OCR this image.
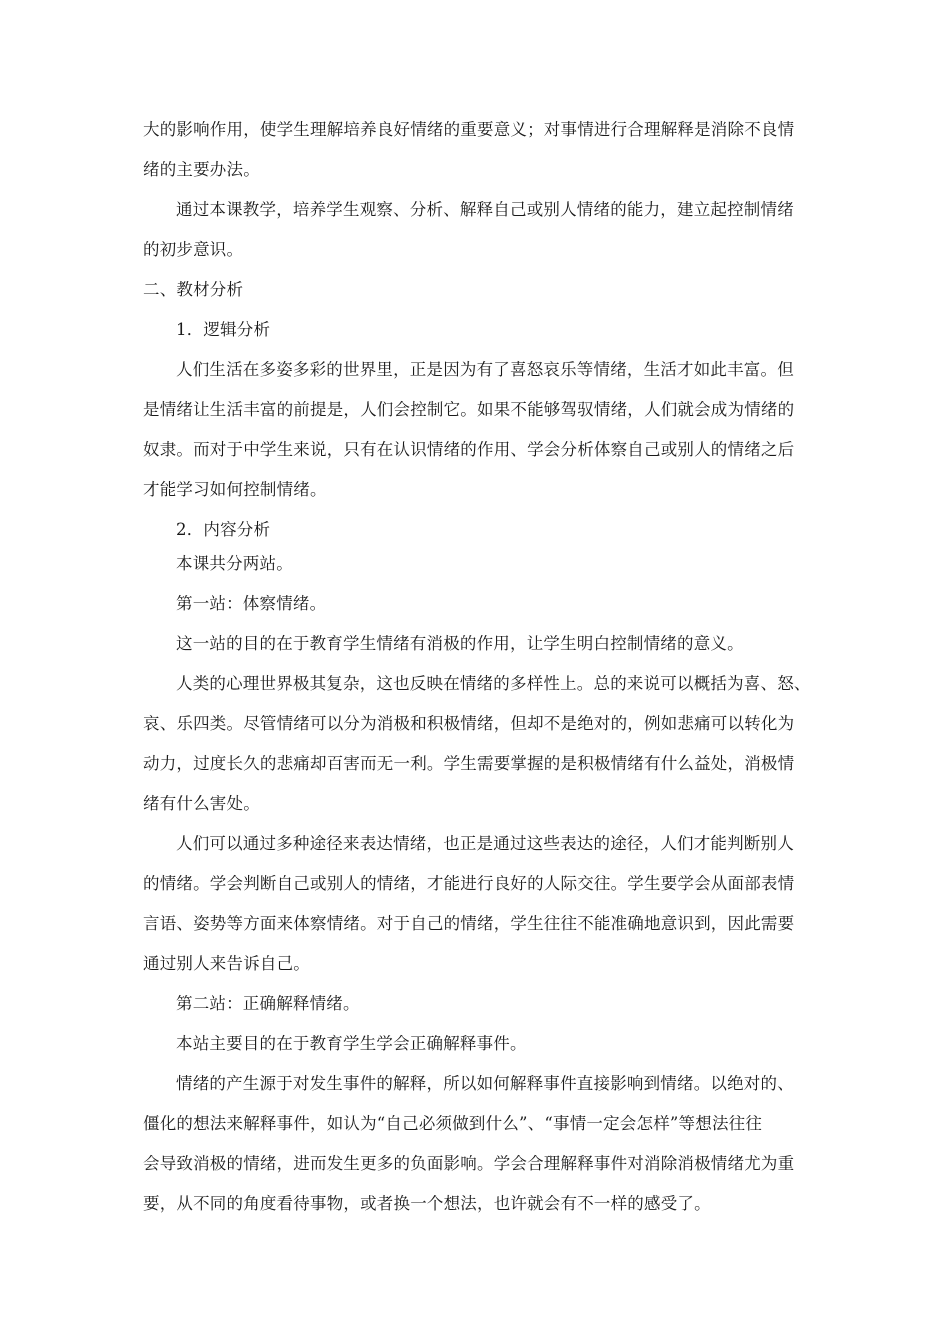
大的影响作用，使学生理解培养良好情绪的重要意义；对事情进行合理解释是消除不良情
绪的主要办法。
通过本课教学，培养学生观察、分析、解释自己或别人情绪的能力，建立起控制情绪
的初步意识。
二、教材分析
1．逻辑分析
人们生活在多姿多彩的世界里，正是因为有了喜怒哀乐等情绪，生活才如此丰富。但
是情绪让生活丰富的前提是，人们会控制它。如果不能够驾驭情绪，人们就会成为情绪的
奴隶。而对于中学生来说，只有在认识情绪的作用、学会分析体察自己或别人的情绪之后
才能学习如何控制情绪。
2．内容分析
本课共分两站。
第一站：体察情绪。
这一站的目的在于教育学生情绪有消极的作用，让学生明白控制情绪的意义。
人类的心理世界极其复杂，这也反映在情绪的多样性上。总的来说可以概括为喜、怒、
哀、乐四类。尽管情绪可以分为消极和积极情绪，但却不是绝对的，例如悲痛可以转化为
动力，过度长久的悲痛却百害而无一利。学生需要掌握的是积极情绪有什么益处，消极情
绪有什么害处。
人们可以通过多种途径来表达情绪，也正是通过这些表达的途径，人们才能判断别人
的情绪。学会判断自己或别人的情绪，才能进行良好的人际交往。学生要学会从面部表情
言语、姿势等方面来体察情绪。对于自己的情绪，学生往往不能准确地意识到，因此需要
通过别人来告诉自己。
第二站：正确解释情绪。
本站主要目的在于教育学生学会正确解释事件。
情绪的产生源于对发生事件的解释，所以如何解释事件直接影响到情绪。以绝对的、
僵化的想法来解释事件，如认为“自己必须做到什么”、“事情一定会怎样”等想法往往
会导致消极的情绪，进而发生更多的负面影响。学会合理解释事件对消除消极情绪尤为重
要，从不同的角度看待事物，或者换一个想法，也许就会有不一样的感受了。
